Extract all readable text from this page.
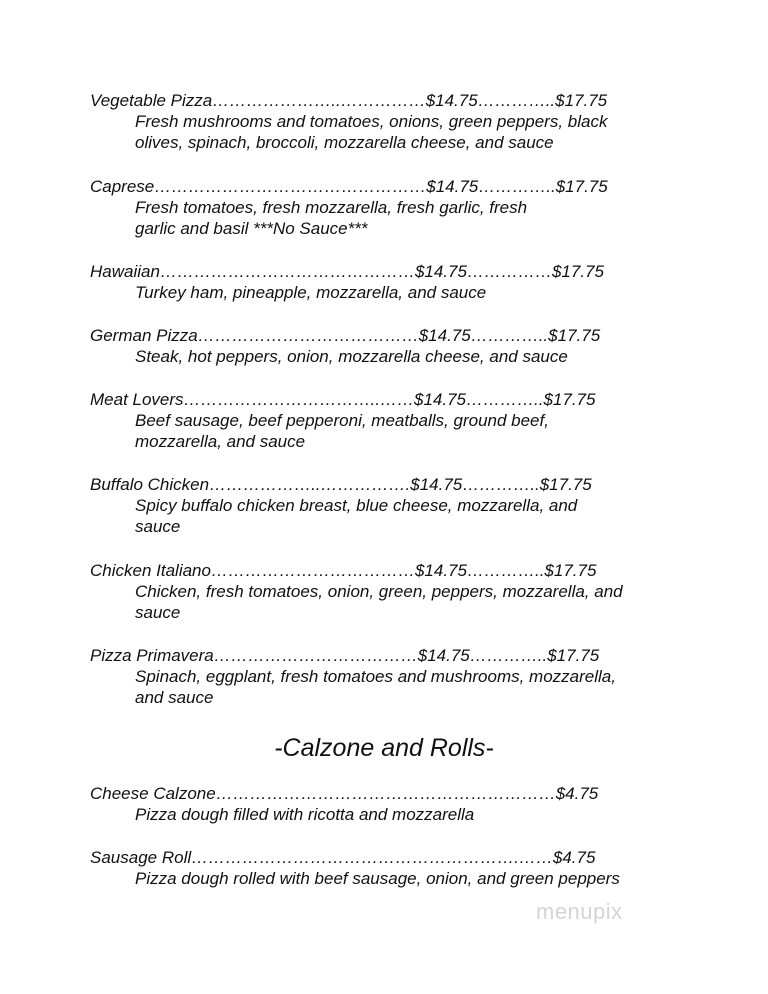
Vegetable Pizza…………………..……………$14.75…………..$17.75
Fresh mushrooms and tomatoes, onions, green peppers, black
olives, spinach, broccoli, mozzarella cheese, and sauce
Caprese…………………………………………$14.75…………..$17.75
Fresh tomatoes, fresh mozzarella, fresh garlic, fresh
garlic and basil ***No Sauce***
Hawaiian………………………………………$14.75……………$17.75
Turkey ham, pineapple, mozzarella, and sauce
German Pizza…………………………………$14.75…………..$17.75
Steak, hot peppers, onion, mozzarella cheese, and sauce
Meat Lovers……………………………..……$14.75…………..$17.75
Beef sausage, beef pepperoni, meatballs, ground beef,
mozzarella, and sauce
Buffalo Chicken………………..…………….$14.75…………..$17.75
Spicy buffalo chicken breast, blue cheese, mozzarella, and
sauce
Chicken Italiano………………………………$14.75…………..$17.75
Chicken, fresh tomatoes, onion, green, peppers, mozzarella, and
sauce
Pizza Primavera………………………………$14.75…………..$17.75
Spinach, eggplant, fresh tomatoes and mushrooms, mozzarella,
and sauce
-Calzone and Rolls-
Cheese Calzone……………………………………………………$4.75
Pizza dough filled with ricotta and mozzarella
Sausage Roll………………………………………………….……$4.75
Pizza dough rolled with beef sausage, onion, and green peppers
menupix
